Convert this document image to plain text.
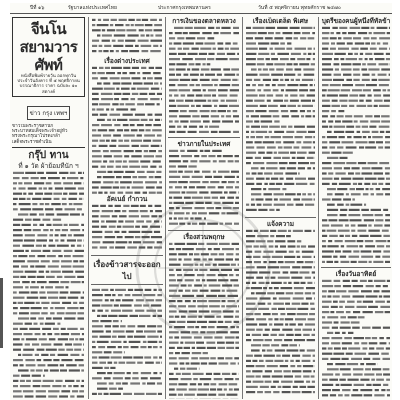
ปีที่ ๑๖	รัฐบาลแห่งประเทศไทย	ประกาศกรุงเทพมหานคร	วันที่ ๕ พฤศจิกายน พุทธศักราช ๒๔๗๐
จีนโนสยามวารศัพท์
หนังสือพิมพ์รายวัน ออกทุกวัน
ประจำวันอังคาร ที่ ๕ พฤศจิกายน
บรรณาธิการ ราคา ฉบับละ ๑๐ สตางค์
ข่าว กรุง เทพฯ
ข่าวในพระราชสำนัก
พระบาทสมเด็จพระเจ้าอยู่หัว
ทรงพระกรุณาโปรดเกล้า
เสด็จพระราชดำเนิน
กรุ๊ป ทาน
ที่ ๑ วัด ผ้าย้อมทีนัก ฯ
เรื่องต่างประเทศ
อัคเนย์ กำกวน
เรื่องข้าวสารจะออกไป
การเงินของตลาดหลวง
ข่าวภายในประเทศ
เรื่องสวนพฤกษ
เรื่องเบ็ดเตล็ด พิเศษ
แจ้งความ
บุตรีของคนผู้หนึ่งที่ทัลข้า
เรื่องวันอาทิตย์
